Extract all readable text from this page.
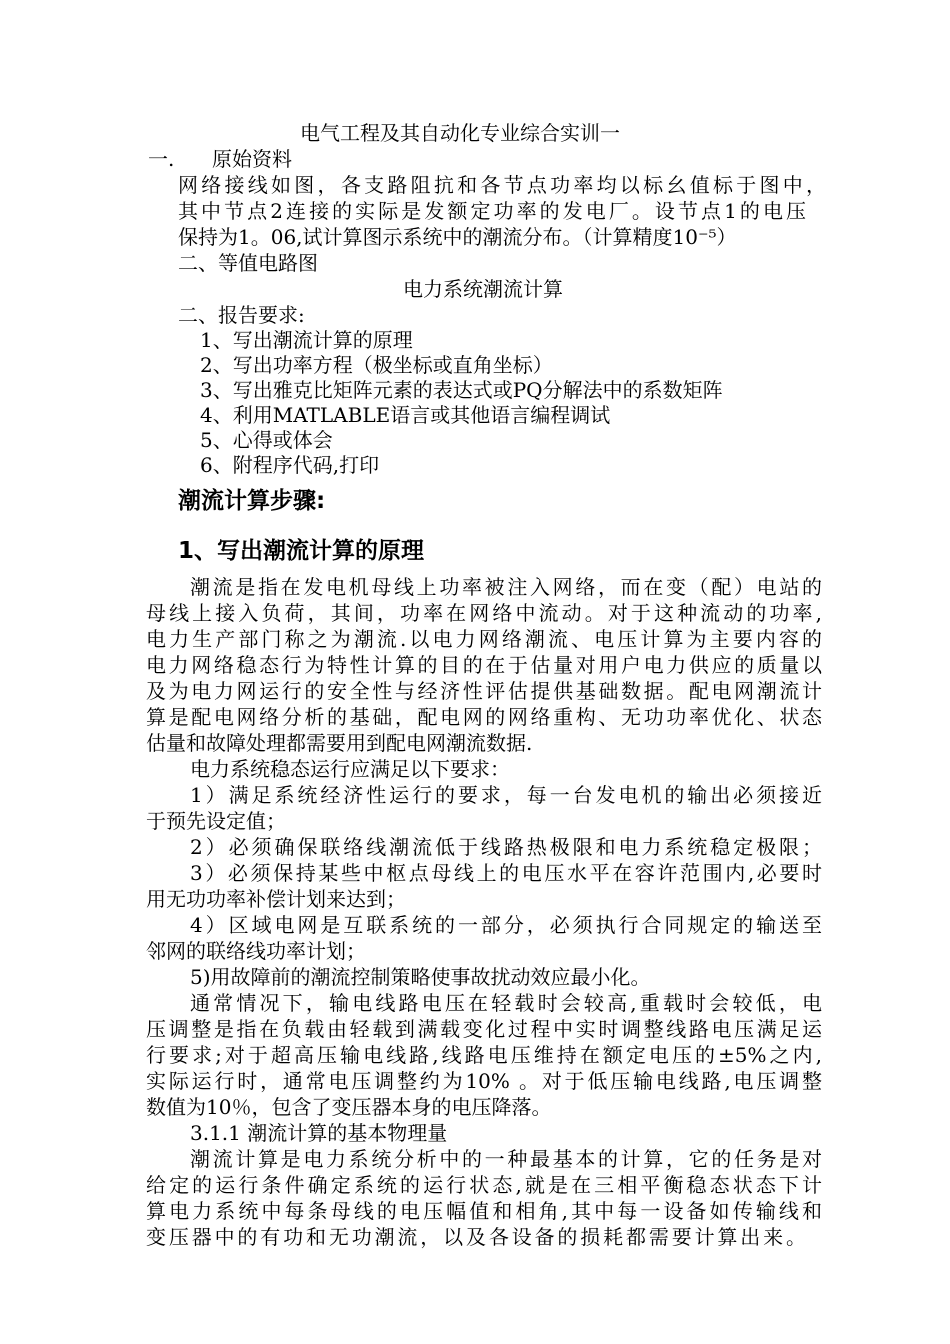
电气工程及其自动化专业综合实训一
一. 原始资料
网络接线如图，各支路阻抗和各节点功率均以标幺值标于图中，
其中节点2连接的实际是发额定功率的发电厂。设节点1的电压
保持为1。06,试计算图示系统中的潮流分布。（计算精度10⁻⁵）
二、等值电路图
电力系统潮流计算
二、报告要求:
1、写出潮流计算的原理
2、写出功率方程（极坐标或直角坐标）
3、写出雅克比矩阵元素的表达式或PQ分解法中的系数矩阵
4、利用MATLABLE语言或其他语言编程调试
5、心得或体会
6、附程序代码,打印
潮流计算步骤:
1、写出潮流计算的原理
潮流是指在发电机母线上功率被注入网络，而在变（配）电站的
母线上接入负荷，其间，功率在网络中流动。对于这种流动的功率,
电力生产部门称之为潮流.以电力网络潮流、电压计算为主要内容的
电力网络稳态行为特性计算的目的在于估量对用户电力供应的质量以
及为电力网运行的安全性与经济性评估提供基础数据。配电网潮流计
算是配电网络分析的基础，配电网的网络重构、无功功率优化、状态
估量和故障处理都需要用到配电网潮流数据.
电力系统稳态运行应满足以下要求：
1）满足系统经济性运行的要求，每一台发电机的输出必须接近
于预先设定值；
2）必须确保联络线潮流低于线路热极限和电力系统稳定极限；
3）必须保持某些中枢点母线上的电压水平在容许范围内,必要时
用无功功率补偿计划来达到；
4）区域电网是互联系统的一部分，必须执行合同规定的输送至
邻网的联络线功率计划；
5)用故障前的潮流控制策略使事故扰动效应最小化。
通常情况下，输电线路电压在轻载时会较高,重载时会较低，电
压调整是指在负载由轻载到满载变化过程中实时调整线路电压满足运
行要求;对于超高压输电线路,线路电压维持在额定电压的±5%之内,
实际运行时，通常电压调整约为10% 。对于低压输电线路,电压调整
数值为10％，包含了变压器本身的电压降落。
3.1.1 潮流计算的基本物理量
潮流计算是电力系统分析中的一种最基本的计算，它的任务是对
给定的运行条件确定系统的运行状态,就是在三相平衡稳态状态下计
算电力系统中每条母线的电压幅值和相角,其中每一设备如传输线和
变压器中的有功和无功潮流，以及各设备的损耗都需要计算出来。
